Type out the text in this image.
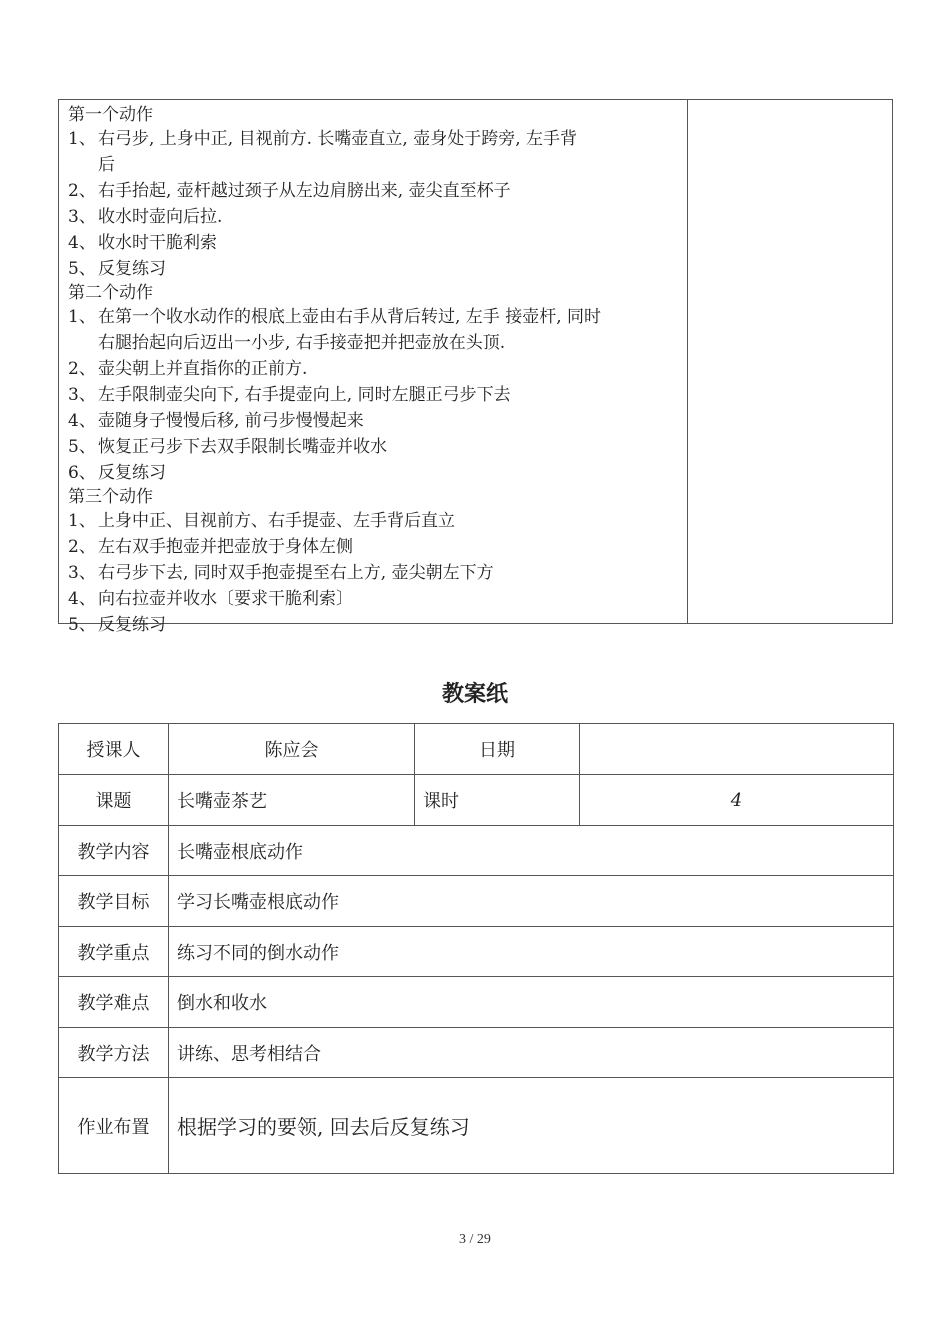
第一个动作
1、 右弓步, 上身中正, 目视前方. 长嘴壶直立, 壶身处于跨旁, 左手背
后
2、 右手抬起, 壶杆越过颈子从左边肩膀出来, 壶尖直至杯子
3、 收水时壶向后拉.
4、 收水时干脆利索
5、 反复练习
第二个动作
1、 在第一个收水动作的根底上壶由右手从背后转过, 左手 接壶杆, 同时
右腿抬起向后迈出一小步, 右手接壶把并把壶放在头顶.
2、 壶尖朝上并直指你的正前方.
3、 左手限制壶尖向下, 右手提壶向上, 同时左腿正弓步下去
4、 壶随身子慢慢后移, 前弓步慢慢起来
5、 恢复正弓步下去双手限制长嘴壶并收水
6、 反复练习
第三个动作
1、 上身中正、目视前方、右手提壶、左手背后直立
2、 左右双手抱壶并把壶放于身体左侧
3、 右弓步下去, 同时双手抱壶提至右上方, 壶尖朝左下方
4、 向右拉壶并收水〔要求干脆利索〕
5、 反复练习
教案纸
授课人	陈应会	日期	
课题	长嘴壶茶艺	课时	4
教学内容	长嘴壶根底动作		
教学目标	学习长嘴壶根底动作		
教学重点	练习不同的倒水动作		
教学难点	倒水和收水		
教学方法	讲练、思考相结合		
作业布置	根据学习的要领, 回去后反复练习		
3 / 29
